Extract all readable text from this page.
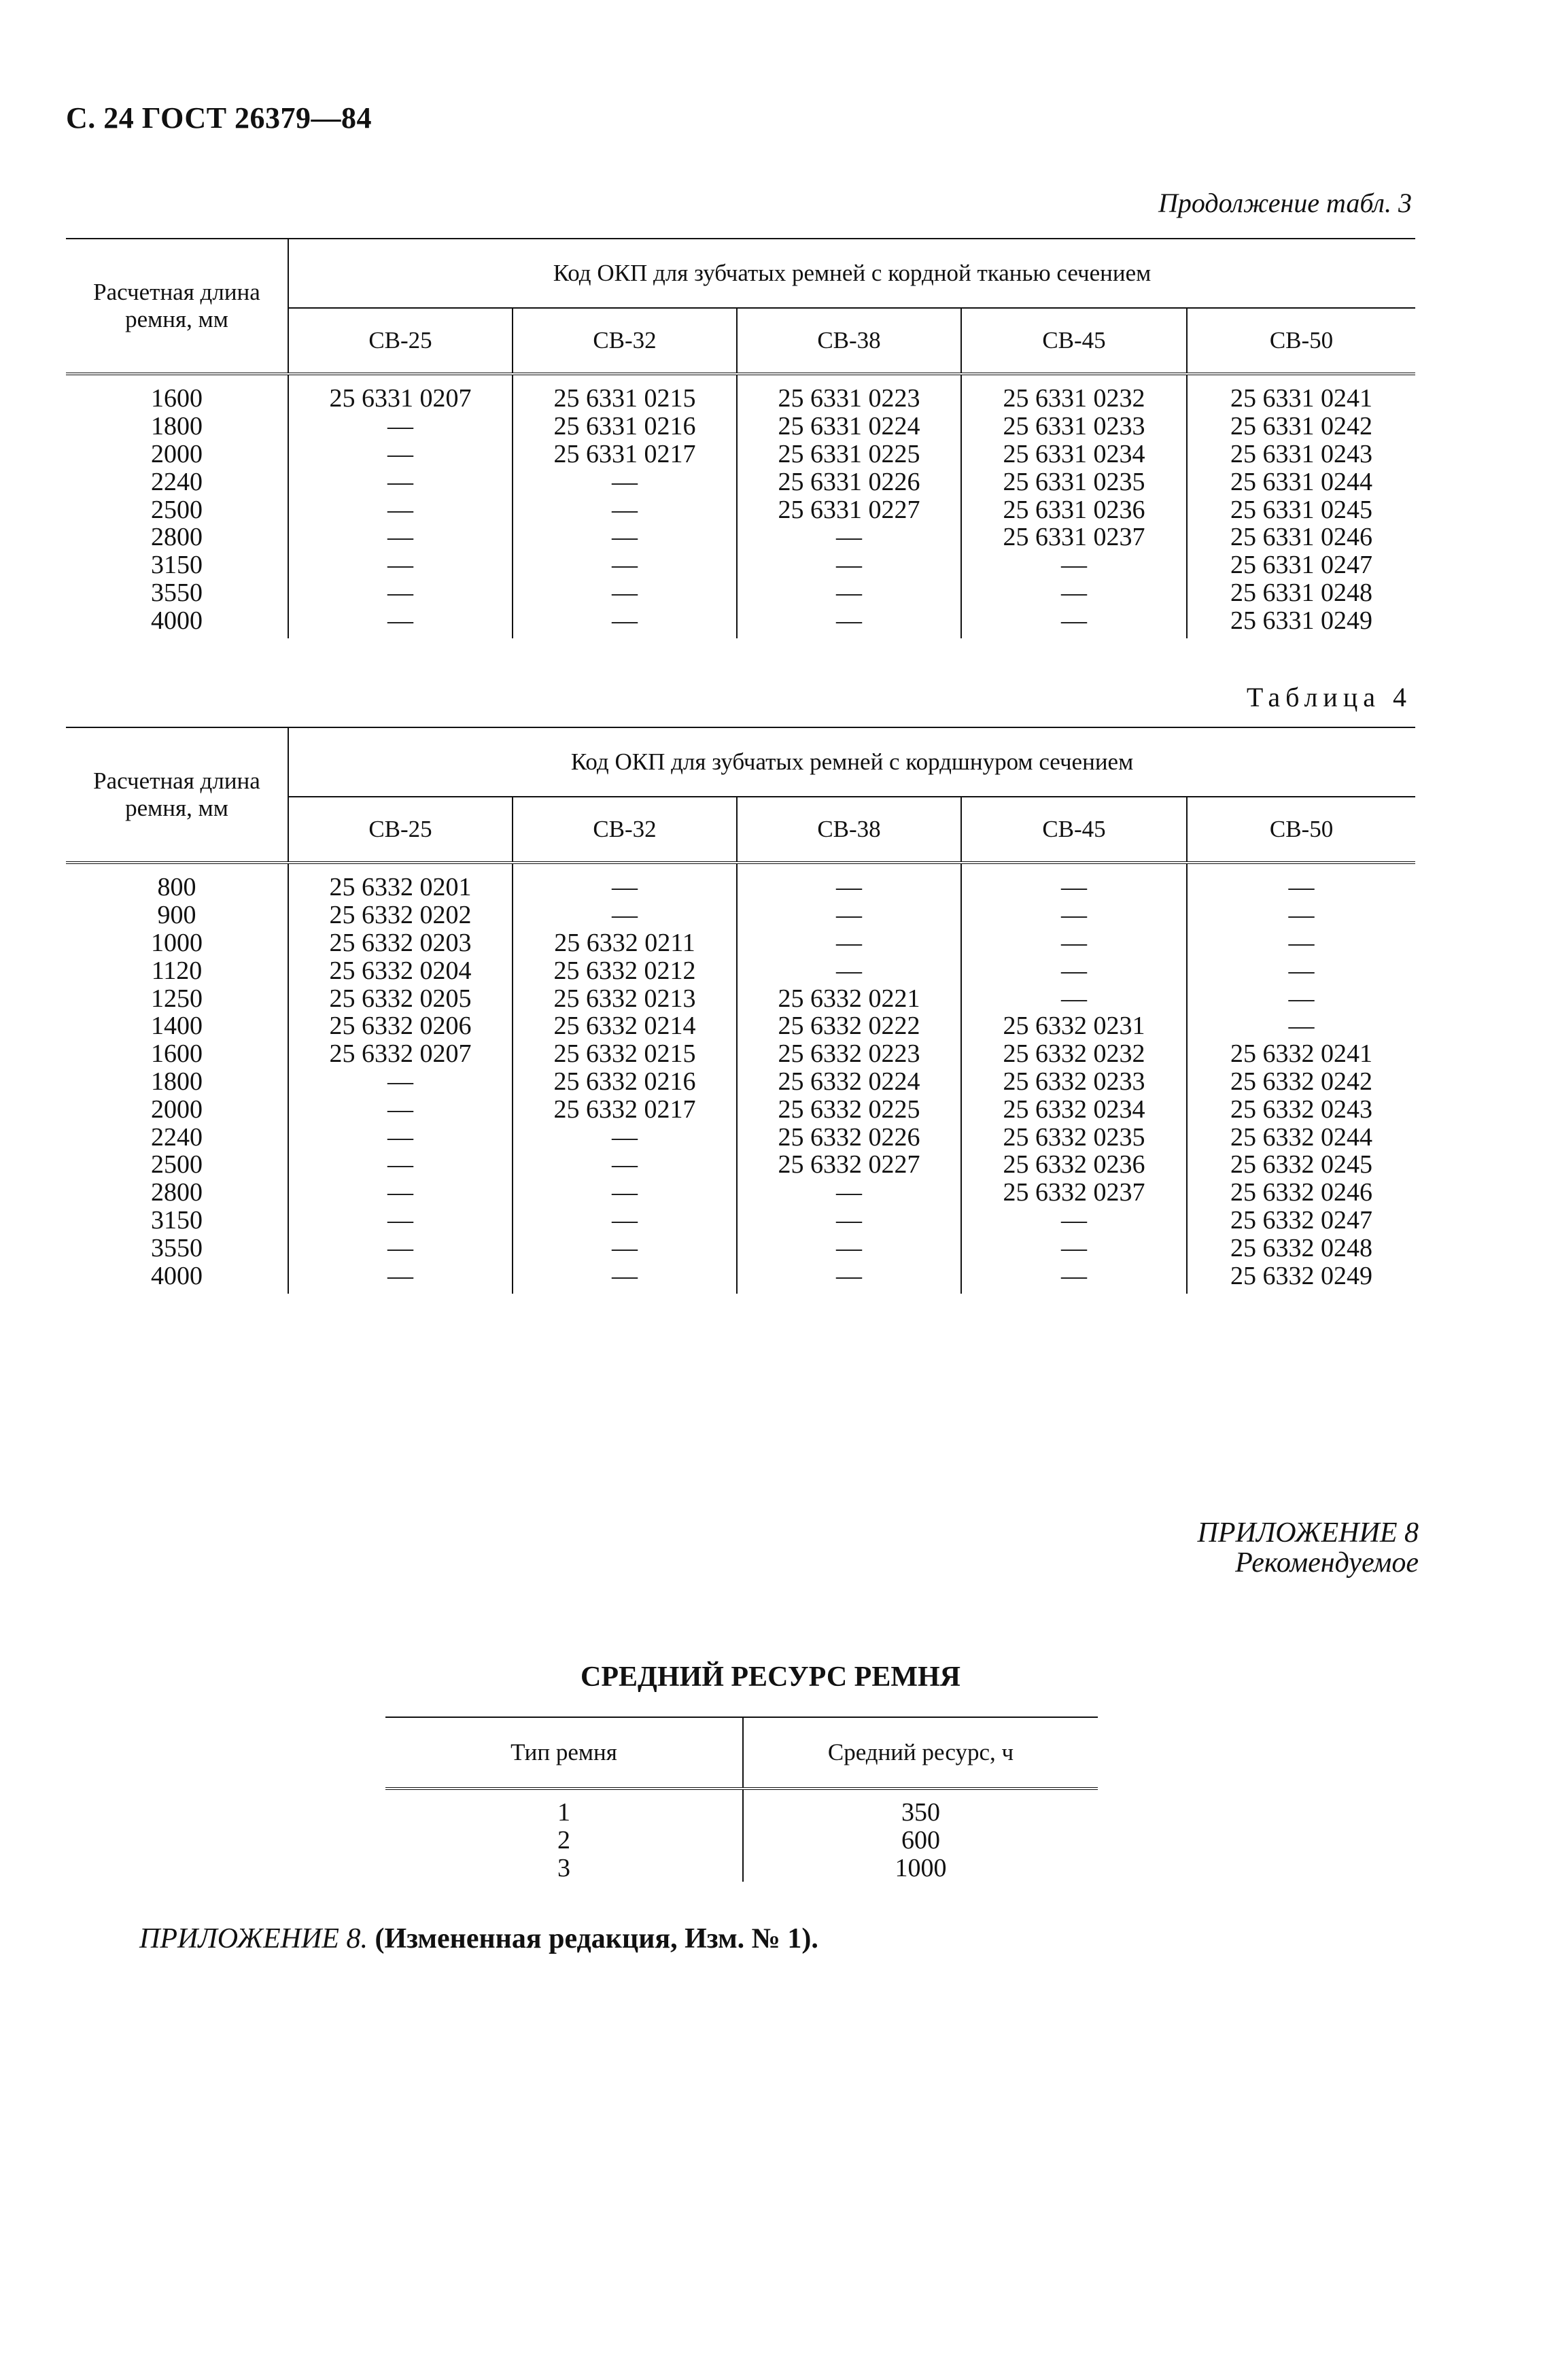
С. 24 ГОСТ 26379—84
Продолжение табл. 3
Расчетная длина ремня, мм	Код ОКП для зубчатых ремней с кордной тканью сечением				
	СВ-25	СВ-32	СВ-38	СВ-45	СВ-50
1600	25 6331 0207	25 6331 0215	25 6331 0223	25 6331 0232	25 6331 0241
1800	—	25 6331 0216	25 6331 0224	25 6331 0233	25 6331 0242
2000	—	25 6331 0217	25 6331 0225	25 6331 0234	25 6331 0243
2240	—	—	25 6331 0226	25 6331 0235	25 6331 0244
2500	—	—	25 6331 0227	25 6331 0236	25 6331 0245
2800	—	—	—	25 6331 0237	25 6331 0246
3150	—	—	—	—	25 6331 0247
3550	—	—	—	—	25 6331 0248
4000	—	—	—	—	25 6331 0249
Таблица 4
Расчетная длина ремня, мм	Код ОКП для зубчатых ремней с кордшнуром сечением				
	СВ-25	СВ-32	СВ-38	СВ-45	СВ-50
800	25 6332 0201	—	—	—	—
900	25 6332 0202	—	—	—	—
1000	25 6332 0203	25 6332 0211	—	—	—
1120	25 6332 0204	25 6332 0212	—	—	—
1250	25 6332 0205	25 6332 0213	25 6332 0221	—	—
1400	25 6332 0206	25 6332 0214	25 6332 0222	25 6332 0231	—
1600	25 6332 0207	25 6332 0215	25 6332 0223	25 6332 0232	25 6332 0241
1800	—	25 6332 0216	25 6332 0224	25 6332 0233	25 6332 0242
2000	—	25 6332 0217	25 6332 0225	25 6332 0234	25 6332 0243
2240	—	—	25 6332 0226	25 6332 0235	25 6332 0244
2500	—	—	25 6332 0227	25 6332 0236	25 6332 0245
2800	—	—	—	25 6332 0237	25 6332 0246
3150	—	—	—	—	25 6332 0247
3550	—	—	—	—	25 6332 0248
4000	—	—	—	—	25 6332 0249
ПРИЛОЖЕНИЕ 8
Рекомендуемое
СРЕДНИЙ РЕСУРС РЕМНЯ
Тип ремня	Средний ресурс, ч
1	350
2	600
3	1000
ПРИЛОЖЕНИЕ 8. (Измененная редакция, Изм. № 1).
